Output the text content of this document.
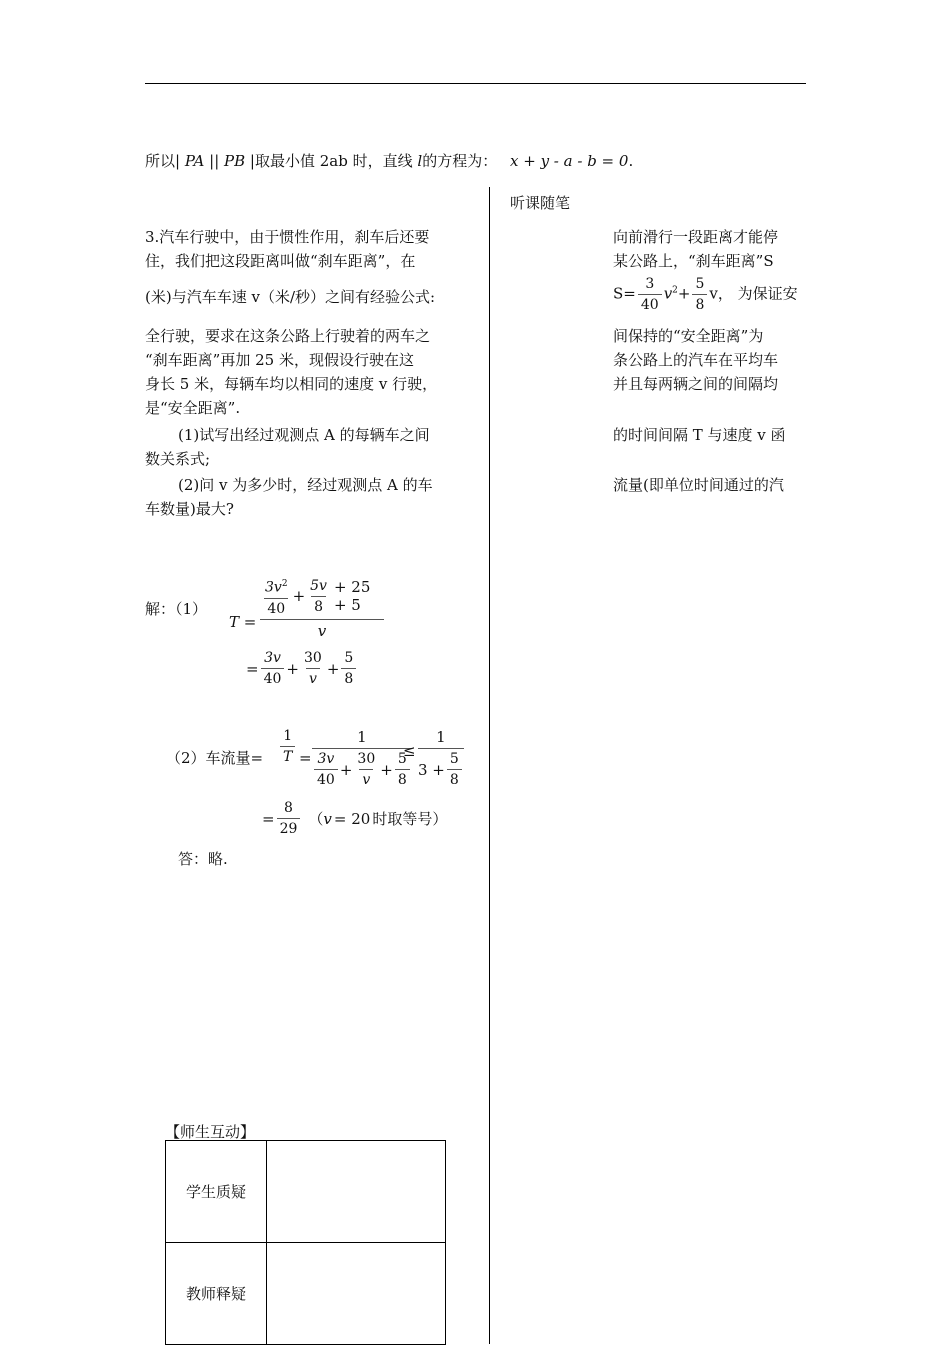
所以| PA || PB |取最小值 2ab 时，直线 l的方程为： x + y - a - b = 0.
听课随笔
3.汽车行驶中，由于惯性作用，刹车后还要	向前滑行一段距离才能停
住，我们把这段距离叫做“刹车距离”，在	某公路上，“刹车距离”S
(米)与汽车车速 v（米/秒）之间有经验公式:	$S= \frac{3}{40} v^2+ \frac{5}{8}$ v， 为保证安
全行驶，要求在这条公路上行驶着的两车之	间保持的“安全距离”为
“刹车距离”再加 25 米，现假设行驶在这	条公路上的汽车在平均车
身长 5 米，每辆车均以相同的速度 v 行驶，	并且每两辆之间的间隔均
是“安全距离”.
(1)试写出经过观测点 A 的每辆车之间	的时间间隔 T 与速度 v 函
数关系式;
(2)问 v 为多少时，经过观测点 A 的车	流量(即单位时间通过的汽
车数量)最大?
解：（1）
T =
$\frac{3v^2}{40} + \frac{5v}{8} + 25 + 5$
v
= $\frac{3v}{40} + \frac{30}{v} + \frac{5}{8}$
（2）车流量= $\frac{1}{T}$ =
1
$\frac{3v}{40} + \frac{30}{v} + \frac{5}{8}$
≤
1
$3 + \frac{5}{8}$
= $\frac{8}{29}$ （ v = 20 时取等号）
答：略.
【师生互动】
学生质疑	
教师释疑	
